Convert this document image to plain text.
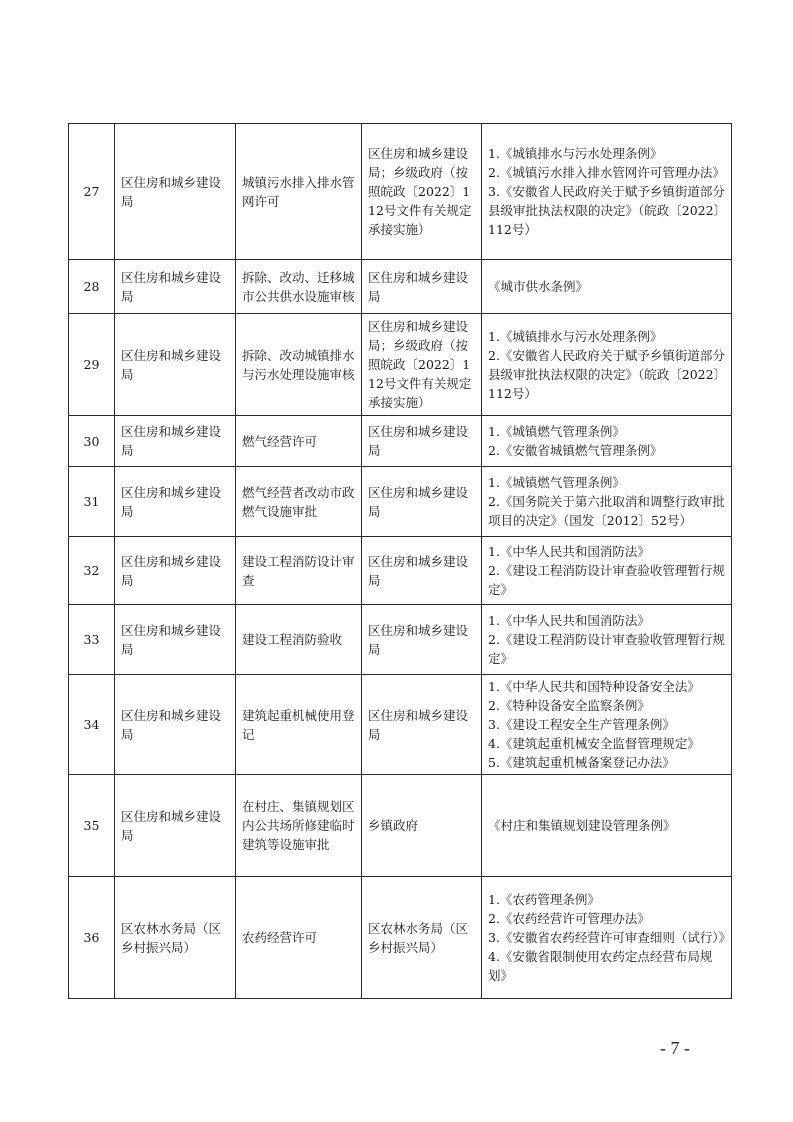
27	区住房和城乡建设局	城镇污水排入排水管网许可	区住房和城乡建设局；乡级政府（按照皖政〔2022〕112号文件有关规定承接实施）	1.《城镇排水与污水处理条例》
2.《城镇污水排入排水管网许可管理办法》
3.《安徽省人民政府关于赋予乡镇街道部分县级审批执法权限的决定》（皖政〔2022〕112号）

28	区住房和城乡建设局	拆除、改动、迁移城市公共供水设施审核	区住房和城乡建设局	《城市供水条例》

29	区住房和城乡建设局	拆除、改动城镇排水与污水处理设施审核	区住房和城乡建设局；乡级政府（按照皖政〔2022〕112号文件有关规定承接实施）	1.《城镇排水与污水处理条例》
2.《安徽省人民政府关于赋予乡镇街道部分县级审批执法权限的决定》（皖政〔2022〕112号）

30	区住房和城乡建设局	燃气经营许可	区住房和城乡建设局	1.《城镇燃气管理条例》
2.《安徽省城镇燃气管理条例》

31	区住房和城乡建设局	燃气经营者改动市政燃气设施审批	区住房和城乡建设局	1.《城镇燃气管理条例》
2.《国务院关于第六批取消和调整行政审批项目的决定》（国发〔2012〕52号）

32	区住房和城乡建设局	建设工程消防设计审查	区住房和城乡建设局	1.《中华人民共和国消防法》
2.《建设工程消防设计审查验收管理暂行规定》

33	区住房和城乡建设局	建设工程消防验收	区住房和城乡建设局	1.《中华人民共和国消防法》
2.《建设工程消防设计审查验收管理暂行规定》

34	区住房和城乡建设局	建筑起重机械使用登记	区住房和城乡建设局	1.《中华人民共和国特种设备安全法》
2.《特种设备安全监察条例》
3.《建设工程安全生产管理条例》
4.《建筑起重机械安全监督管理规定》
5.《建筑起重机械备案登记办法》

35	区住房和城乡建设局	在村庄、集镇规划区内公共场所修建临时建筑等设施审批	乡镇政府	《村庄和集镇规划建设管理条例》

36	区农林水务局（区乡村振兴局）	农药经营许可	区农林水务局（区乡村振兴局）	1.《农药管理条例》
2.《农药经营许可管理办法》
3.《安徽省农药经营许可审查细则（试行）》
4.《安徽省限制使用农药定点经营布局规划》
- 7 -
